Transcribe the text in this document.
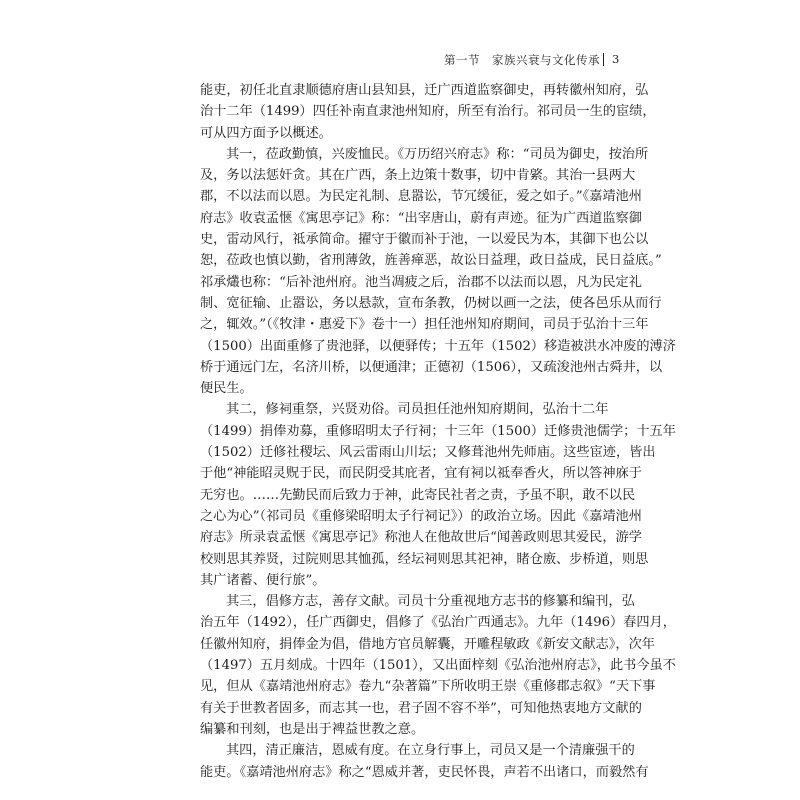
第一节　家族兴衰与文化传承 3
能吏，初任北直隶顺德府唐山县知县，迁广西道监察御史，再转徽州知府，弘
治十二年（1499）四任补南直隶池州知府，所至有治行。祁司员一生的宦绩，
可从四方面予以概述。
其一，莅政勤慎，兴废恤民。《万历绍兴府志》称：“司员为御史，按治所
及，务以法惩奸贪。其在广西，条上边策十数事，切中肯綮。其治一县两大
郡，不以法而以恩。为民定礼制、息嚣讼，节冗缓征，爱之如子。”《嘉靖池州
府志》收袁孟惬《寓思亭记》称：“出宰唐山，蔚有声迹。征为广西道监察御
史，雷动风行，祗承简命。擢守于徽而补于池，一以爱民为本，其御下也公以
恕，莅政也慎以勤，省刑薄敛，旌善瘅恶，故讼日益理，政日益成，民日益底。”
祁承爜也称：“后补池州府。池当凋疲之后，治郡不以法而以恩，凡为民定礼
制、宽征输、止嚣讼，务以悬款，宣布条教，仍树以画一之法，使各邑乐从而行
之，辄效。”（《牧津・惠爱下》卷十一）担任池州知府期间，司员于弘治十三年
（1500）出面重修了贵池驿，以便驿传；十五年（1502）移造被洪水冲废的溥济
桥于通远门左，名济川桥，以便通津；正德初（1506），又疏浚池州古舜井，以
便民生。
其二，修祠重祭，兴贤劝俗。司员担任池州知府期间，弘治十二年
（1499）捐俸劝募，重修昭明太子行祠；十三年（1500）迁修贵池儒学；十五年
（1502）迁修社稷坛、风云雷雨山川坛；又修葺池州先师庙。这些宦迹，皆出
于他“神能昭灵贶于民，而民阴受其庇者，宜有祠以祗奉香火，所以答神庥于
无穷也。……先勤民而后致力于神，此寄民社者之责，予虽不职，敢不以民
之心为心”（祁司员《重修梁昭明太子行祠记》）的政治立场。因此《嘉靖池州
府志》所录袁孟惬《寓思亭记》称池人在他故世后“闻善政则思其爱民，游学
校则思其养贤，过院则思其恤孤，经坛祠则思其祀神，睹仓廒、步桥道，则思
其广诸蓄、便行旅”。
其三，倡修方志，善存文献。司员十分重视地方志书的修纂和编刊，弘
治五年（1492），任广西御史，倡修了《弘治广西通志》。九年（1496）春四月，
任徽州知府，捐俸金为倡，借地方官员解囊，开雕程敏政《新安文献志》，次年
（1497）五月刻成。十四年（1501），又出面梓刻《弘治池州府志》，此书今虽不
见，但从《嘉靖池州府志》卷九“杂著篇”下所收明王崇《重修郡志叙》“天下事
有关于世教者固多，而志其一也，君子固不容不举”，可知他热衷地方文献的
编纂和刊刻，也是出于裨益世教之意。
其四，清正廉洁，恩威有度。在立身行事上，司员又是一个清廉强干的
能吏。《嘉靖池州府志》称之“恩威并著，吏民怀畏，声若不出诸口，而毅然有
